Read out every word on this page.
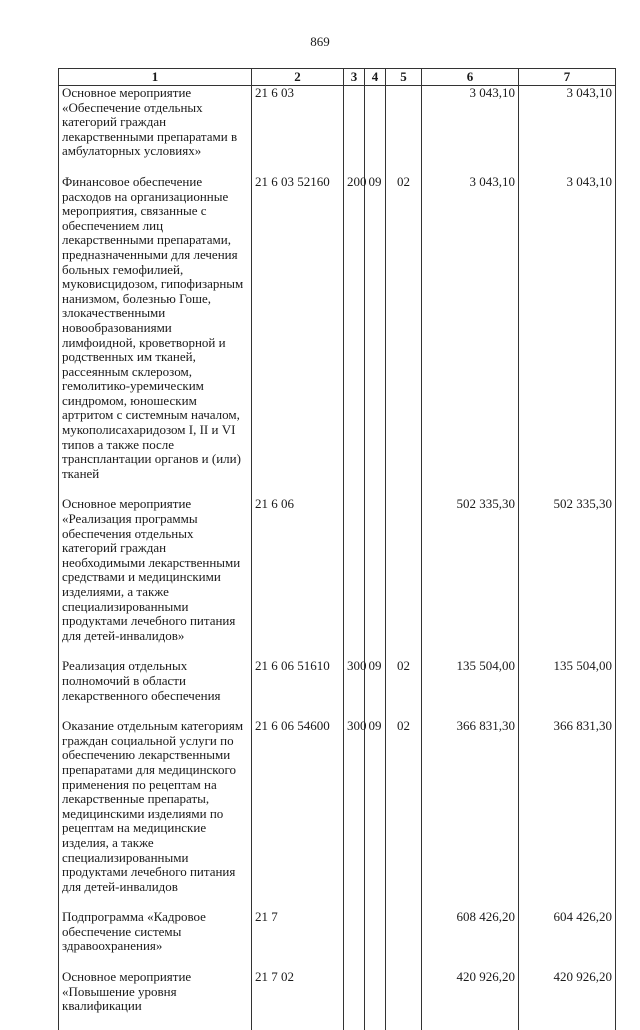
869
1	2	3	4	5	6	7
Основное мероприятие «Обеспечение отдельных категорий граждан лекарственными препаратами в амбулаторных условиях»	21 6 03				3 043,10	3 043,10
Финансовое обеспечение расходов на организационные мероприятия, связанные с обеспечением лиц лекарственными препаратами, предназначенными для лечения больных гемофилией, муковисцидозом, гипофизарным нанизмом, болезнью Гоше, злокачественными новообразованиями лимфоидной, кроветворной и родственных им тканей, рассеянным склерозом, гемолитико-уремическим синдромом, юношеским артритом с системным началом, мукополисахаридозом I, II и VI типов а также после трансплантации органов и (или) тканей	21 6 03 52160	200	09	02	3 043,10	3 043,10
Основное мероприятие «Реализация программы обеспечения отдельных категорий граждан необходимыми лекарственными средствами и медицинскими изделиями, а также специализированными продуктами лечебного питания для детей-инвалидов»	21 6 06				502 335,30	502 335,30
Реализация отдельных полномочий в области лекарственного обеспечения	21 6 06 51610	300	09	02	135 504,00	135 504,00
Оказание отдельным категориям граждан социальной услуги по обеспечению лекарственными препаратами для медицинского применения по рецептам на лекарственные препараты, медицинскими изделиями по рецептам на медицинские изделия, а также специализированными продуктами лечебного питания для детей-инвалидов	21 6 06 54600	300	09	02	366 831,30	366 831,30
Подпрограмма «Кадровое обеспечение системы здравоохранения»	21 7				608 426,20	604 426,20
Основное мероприятие «Повышение уровня квалификации	21 7 02				420 926,20	420 926,20
